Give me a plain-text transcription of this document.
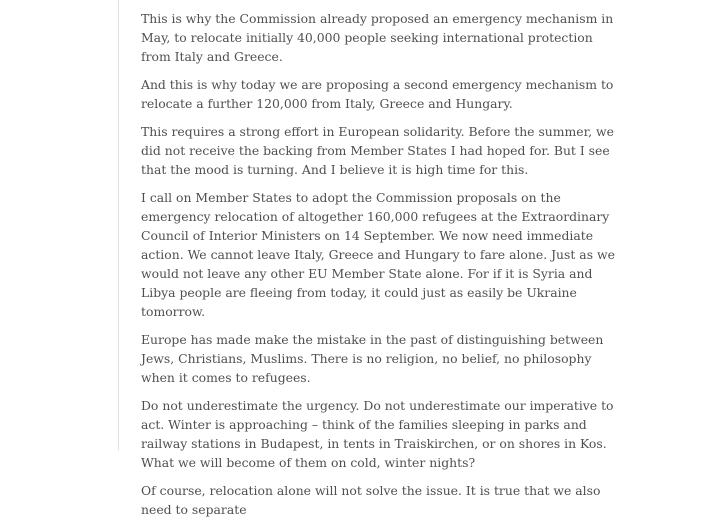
This is why the Commission already proposed an emergency mechanism in May, to relocate initially 40,000 people seeking international protection from Italy and Greece.

And this is why today we are proposing a second emergency mechanism to relocate a further 120,000 from Italy, Greece and Hungary.

This requires a strong effort in European solidarity. Before the summer, we did not receive the backing from Member States I had hoped for. But I see that the mood is turning. And I believe it is high time for this.

I call on Member States to adopt the Commission proposals on the emergency relocation of altogether 160,000 refugees at the Extraordinary Council of Interior Ministers on 14 September. We now need immediate action. We cannot leave Italy, Greece and Hungary to fare alone. Just as we would not leave any other EU Member State alone. For if it is Syria and Libya people are fleeing from today, it could just as easily be Ukraine tomorrow.

Europe has made make the mistake in the past of distinguishing between Jews, Christians, Muslims. There is no religion, no belief, no philosophy when it comes to refugees.

Do not underestimate the urgency. Do not underestimate our imperative to act. Winter is approaching – think of the families sleeping in parks and railway stations in Budapest, in tents in Traiskirchen, or on shores in Kos. What we will become of them on cold, winter nights?

Of course, relocation alone will not solve the issue. It is true that we also need to separate
